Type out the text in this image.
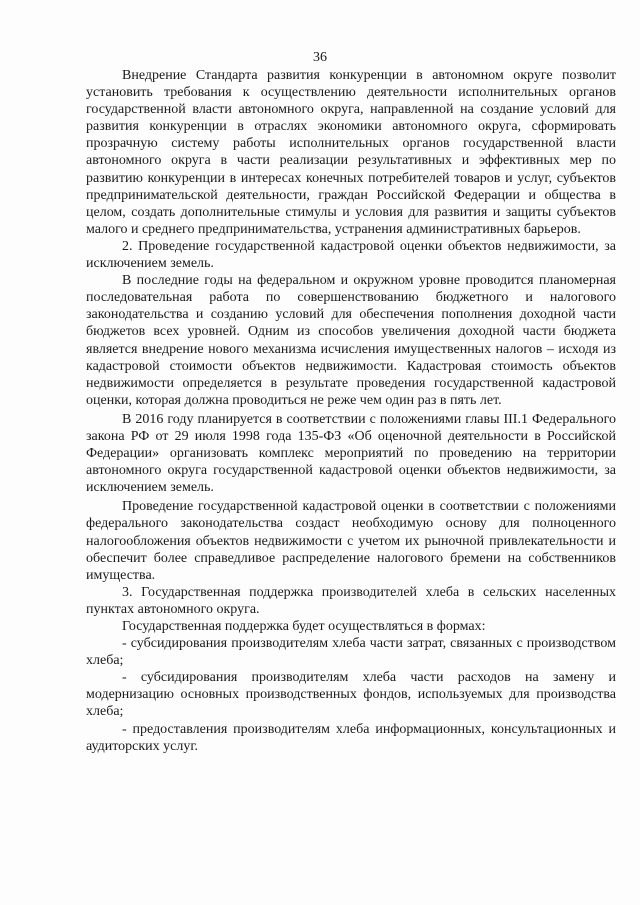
36

Внедрение Стандарта развития конкуренции в автономном округе позволит установить требования к осуществлению деятельности исполнительных органов государственной власти автономного округа, направленной на создание условий для развития конкуренции в отраслях экономики автономного округа, сформировать прозрачную систему работы исполнительных органов государственной власти автономного округа в части реализации результативных и эффективных мер по развитию конкуренции в интересах конечных потребителей товаров и услуг, субъектов предпринимательской деятельности, граждан Российской Федерации и общества в целом, создать дополнительные стимулы и условия для развития и защиты субъектов малого и среднего предпринимательства, устранения административных барьеров.

2. Проведение государственной кадастровой оценки объектов недвижимости, за исключением земель.

В последние годы на федеральном и окружном уровне проводится планомерная последовательная работа по совершенствованию бюджетного и налогового законодательства и созданию условий для обеспечения пополнения доходной части бюджетов всех уровней. Одним из способов увеличения доходной части бюджета является внедрение нового механизма исчисления имущественных налогов – исходя из кадастровой стоимости объектов недвижимости. Кадастровая стоимость объектов недвижимости определяется в результате проведения государственной кадастровой оценки, которая должна проводиться не реже чем один раз в пять лет.

В 2016 году планируется в соответствии с положениями главы III.1 Федерального закона РФ от 29 июля 1998 года 135-ФЗ «Об оценочной деятельности в Российской Федерации» организовать комплекс мероприятий по проведению на территории автономного округа государственной кадастровой оценки объектов недвижимости, за исключением земель.

Проведение государственной кадастровой оценки в соответствии с положениями федерального законодательства создаст необходимую основу для полноценного налогообложения объектов недвижимости с учетом их рыночной привлекательности и обеспечит более справедливое распределение налогового бремени на собственников имущества.

3. Государственная поддержка производителей хлеба в сельских населенных пунктах автономного округа.

Государственная поддержка будет осуществляться в формах:

- субсидирования производителям хлеба части затрат, связанных с производством хлеба;

- субсидирования производителям хлеба части расходов на замену и модернизацию основных производственных фондов, используемых для производства хлеба;

- предоставления производителям хлеба информационных, консультационных и аудиторских услуг.
